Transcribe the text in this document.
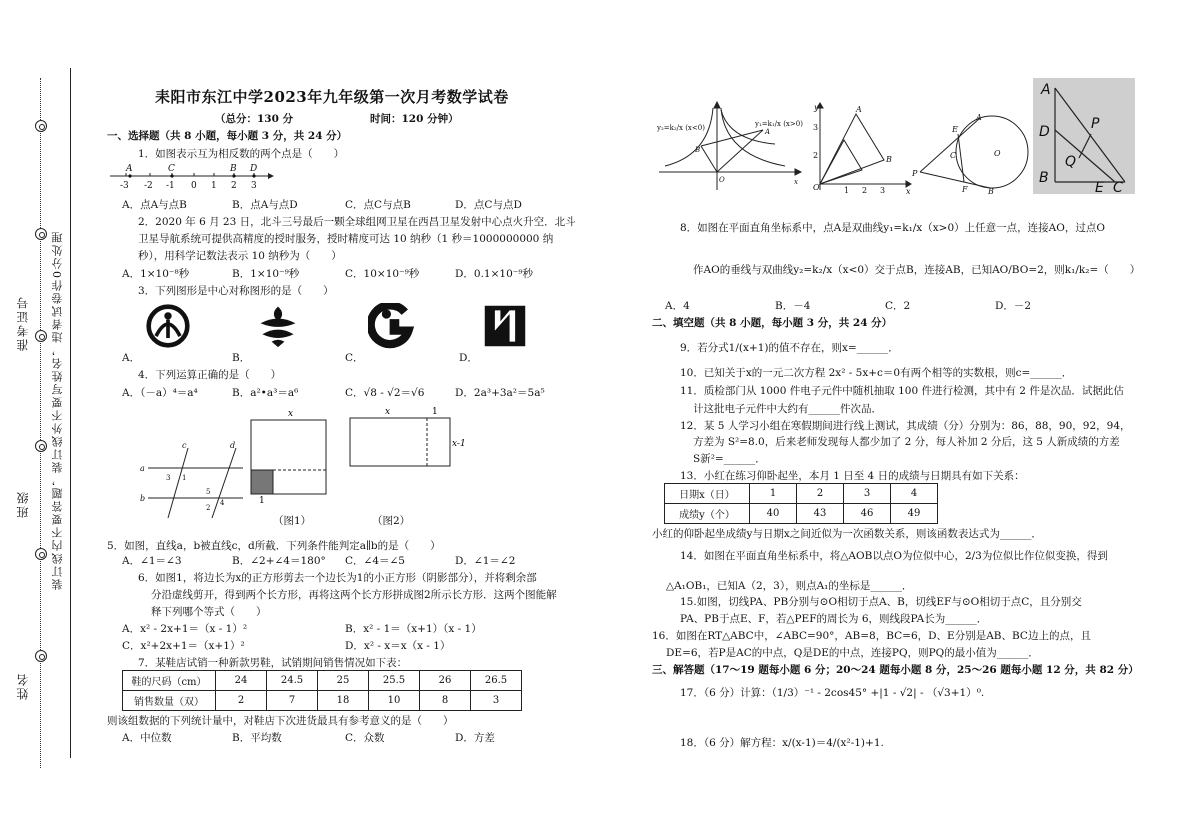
装订线内不要答题，装订线外不要写姓名，违者试卷作0分处理
准考证号
班级
姓名
耒阳市东江中学2023年九年级第一次月考数学试卷
（总分：130 分	时间：120 分钟）
一、选择题（共 8 小题，每小题 3 分，共 24 分）
1．如图表示互为相反数的两个点是（　　）
-3 -2 -1 0 1 2 3
A	C	B D
A．点A与点B	B．点A与点D	C．点C与点B	D．点C与点D
2．2020 年 6 月 23 日，北斗三号最后一颗全球组网卫星在西昌卫星发射中心点火升空．北斗
卫星导航系统可提供高精度的授时服务，授时精度可达 10 纳秒（1 秒＝1000000000 纳
秒），用科学记数法表示 10 纳秒为（　　）
A．1×10⁻⁸秒	B．1×10⁻⁹秒	C．10×10⁻⁹秒	D．0.1×10⁻⁹秒
3．下列图形是中心对称图形的是（　　）
A．	B．	C．	D．
4．下列运算正确的是（　　）
A．（－a）⁴＝a⁴	B．a²•a³＝a⁶	C．√8 - √2＝√6	D．2a³+3a²＝5a⁵
a
b
c	d
3 1
5
4
2
x
1
x	1
x-1
（图1）	（图2）
5．如图，直线a，b被直线c，d所截．下列条件能判定a∥b的是（　　）
A．∠1＝∠3	B．∠2+∠4＝180° C．∠4＝∠5	D．∠1＝∠2
6．如图1，将边长为x的正方形剪去一个边长为1的小正方形（阴影部分），并将剩余部
分沿虚线剪开，得到两个长方形，再将这两个长方形拼成图2所示长方形．这两个图能解
释下列哪个等式（　　）
A．x² - 2x+1＝（x - 1）²	B．x² - 1＝（x+1）（x - 1）
C．x²+2x+1＝（x+1）²	D．x² - x＝x（x - 1）
7．某鞋店试销一种新款男鞋，试销期间销售情况如下表：
鞋的尺码（cm）	24	24.5	25	25.5	26	26.5
销售数量（双）	2	7	18	10	8	3
则该组数据的下列统计量中，对鞋店下次进货最具有参考意义的是（　　）
A．中位数	B．平均数	C．众数	D．方差
y₂=k₂/x (x<0)	y₁=k₁/x (x>0)
A
B
O	x
3
2
1 2 3
A
B
O
y
x
E
C
F
P
O
A
B
A
D	P
Q
B
E C
8．如图在平面直角坐标系中，点A是双曲线y₁=k₁/x（x>0）上任意一点，连接AO，过点O
作AO的垂线与双曲线y₂=k₂/x（x<0）交于点B，连接AB，已知AO/BO=2，则k₁/k₂=（　　）
A．4	B．－4	C．2	D．－2
二、填空题（共 8 小题，每小题 3 分，共 24 分）
9．若分式1/(x+1)的值不存在，则x=______．
10．已知关于x的一元二次方程 2x² - 5x+c＝0有两个相等的实数根，则c=______．
11．质检部门从 1000 件电子元件中随机抽取 100 件进行检测，其中有 2 件是次品．试据此估
计这批电子元件中大约有______件次品．
12．某 5 人学习小组在寒假期间进行线上测试，其成绩（分）分别为：86，88，90，92，94，
方差为 S²=8.0，后来老师发现每人都少加了 2 分，每人补加 2 分后，这 5 人新成绩的方差
S新²=______．
13．小红在练习仰卧起坐，本月 1 日至 4 日的成绩与日期具有如下关系：
日期x（日）	1	2	3	4
成绩y（个）	40	43	46	49
小红的仰卧起坐成绩y与日期x之间近似为一次函数关系，则该函数表达式为______．
14．如图在平面直角坐标系中，将△AOB以点O为位似中心，2/3为位似比作位似变换，得到
△A₁OB₁，已知A（2，3），则点A₁的坐标是______．
15.如图，切线PA、PB分别与⊙O相切于点A、B，切线EF与⊙O相切于点C，且分别交
PA、PB于点E、F，若△PEF的周长为 6，则线段PA长为______．
16．如图在RT△ABC中，∠ABC=90°，AB=8，BC=6，D、E分别是AB、BC边上的点，且
DE=6，若P是AC的中点，Q是DE的中点，连接PQ，则PQ的最小值为______．
三、解答题（17～19 题每小题 6 分；20～24 题每小题 8 分，25～26 题每小题 12 分，共 82 分）
17．（6 分）计算：（1/3）⁻¹ - 2cos45° +|1 - √2| - （√3+1）⁰.
18．（6 分）解方程：x/(x-1)＝4/(x²-1)+1.
